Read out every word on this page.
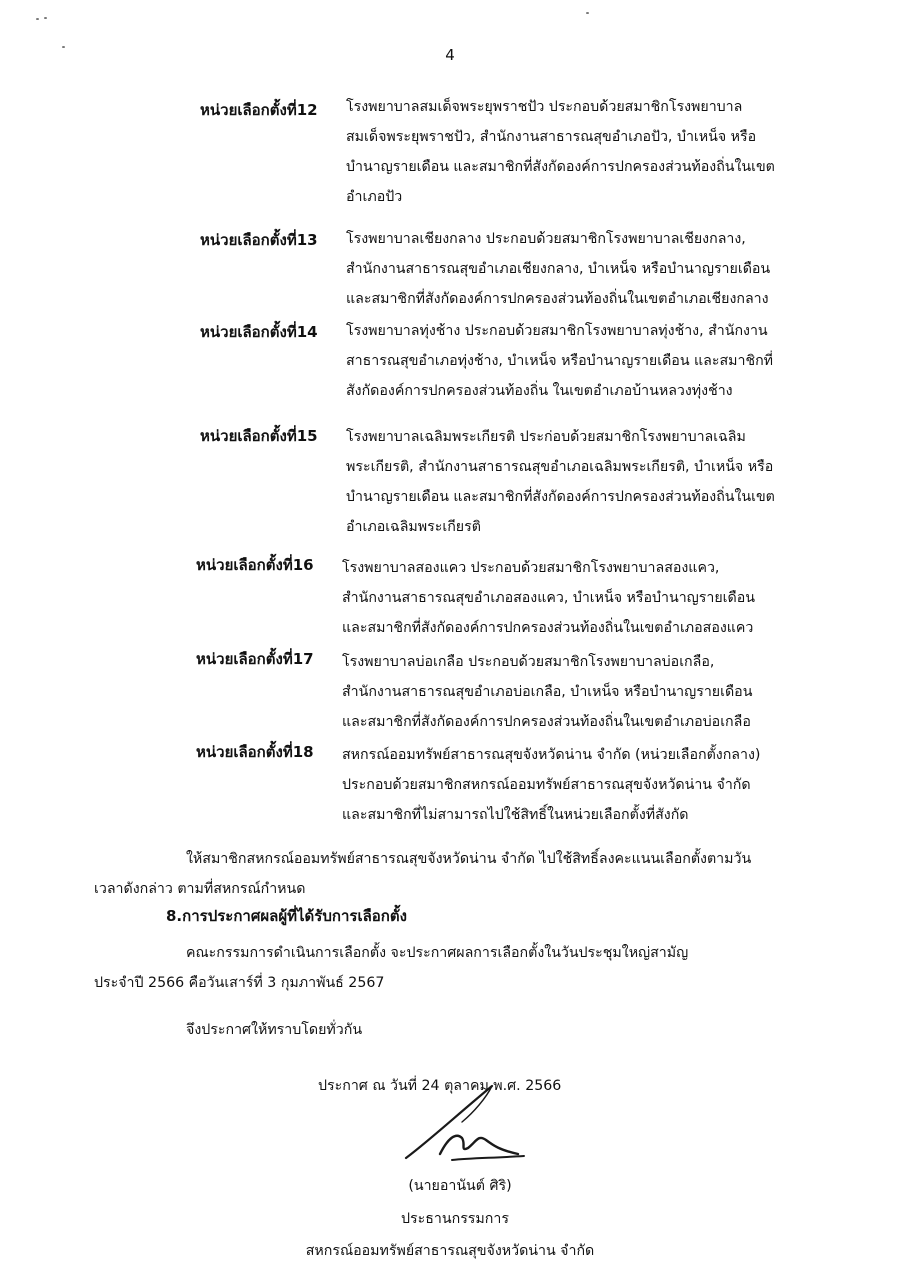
4
หน่วยเลือกตั้งที่12 โรงพยาบาลสมเด็จพระยุพราชปัว ประกอบด้วยสมาชิกโรงพยาบาล
สมเด็จพระยุพราชปัว, สำนักงานสาธารณสุขอำเภอปัว, บำเหน็จ หรือ
บำนาญรายเดือน และสมาชิกที่สังกัดองค์การปกครองส่วนท้องถิ่นในเขต
อำเภอปัว
หน่วยเลือกตั้งที่13 โรงพยาบาลเชียงกลาง ประกอบด้วยสมาชิกโรงพยาบาลเชียงกลาง,
สำนักงานสาธารณสุขอำเภอเชียงกลาง, บำเหน็จ หรือบำนาญรายเดือน
และสมาชิกที่สังกัดองค์การปกครองส่วนท้องถิ่นในเขตอำเภอเชียงกลาง
หน่วยเลือกตั้งที่14 โรงพยาบาลทุ่งช้าง ประกอบด้วยสมาชิกโรงพยาบาลทุ่งช้าง, สำนักงาน
สาธารณสุขอำเภอทุ่งช้าง, บำเหน็จ หรือบำนาญรายเดือน และสมาชิกที่
สังกัดองค์การปกครองส่วนท้องถิ่น ในเขตอำเภอบ้านหลวงทุ่งช้าง
หน่วยเลือกตั้งที่15 โรงพยาบาลเฉลิมพระเกียรติ ประก่อบด้วยสมาชิกโรงพยาบาลเฉลิม
พระเกียรติ, สำนักงานสาธารณสุขอำเภอเฉลิมพระเกียรติ, บำเหน็จ หรือ
บำนาญรายเดือน และสมาชิกที่สังกัดองค์การปกครองส่วนท้องถิ่นในเขต
อำเภอเฉลิมพระเกียรติ
หน่วยเลือกตั้งที่16 โรงพยาบาลสองแคว ประกอบด้วยสมาชิกโรงพยาบาลสองแคว,
สำนักงานสาธารณสุขอำเภอสองแคว, บำเหน็จ หรือบำนาญรายเดือน
และสมาชิกที่สังกัดองค์การปกครองส่วนท้องถิ่นในเขตอำเภอสองแคว
หน่วยเลือกตั้งที่17 โรงพยาบาลบ่อเกลือ ประกอบด้วยสมาชิกโรงพยาบาลบ่อเกลือ,
สำนักงานสาธารณสุขอำเภอบ่อเกลือ, บำเหน็จ หรือบำนาญรายเดือน
และสมาชิกที่สังกัดองค์การปกครองส่วนท้องถิ่นในเขตอำเภอบ่อเกลือ
หน่วยเลือกตั้งที่18 สหกรณ์ออมทรัพย์สาธารณสุขจังหวัดน่าน จำกัด (หน่วยเลือกตั้งกลาง)
ประกอบด้วยสมาชิกสหกรณ์ออมทรัพย์สาธารณสุขจังหวัดน่าน จำกัด
และสมาชิกที่ไม่สามารถไปใช้สิทธิ์ในหน่วยเลือกตั้งที่สังกัด
ให้สมาชิกสหกรณ์ออมทรัพย์สาธารณสุขจังหวัดน่าน จำกัด ไปใช้สิทธิ์ลงคะแนนเลือกตั้งตามวัน
เวลาดังกล่าว ตามที่สหกรณ์กำหนด
8.การประกาศผลผู้ที่ได้รับการเลือกตั้ง
คณะกรรมการดำเนินการเลือกตั้ง จะประกาศผลการเลือกตั้งในวันประชุมใหญ่สามัญ
ประจำปี 2566 คือวันเสาร์ที่ 3 กุมภาพันธ์ 2567
จึงประกาศให้ทราบโดยทั่วกัน
ประกาศ ณ วันที่ 24 ตุลาคม พ.ศ. 2566
(นายอานันต์ ศิริ)
ประธานกรรมการ
สหกรณ์ออมทรัพย์สาธารณสุขจังหวัดน่าน จำกัด
